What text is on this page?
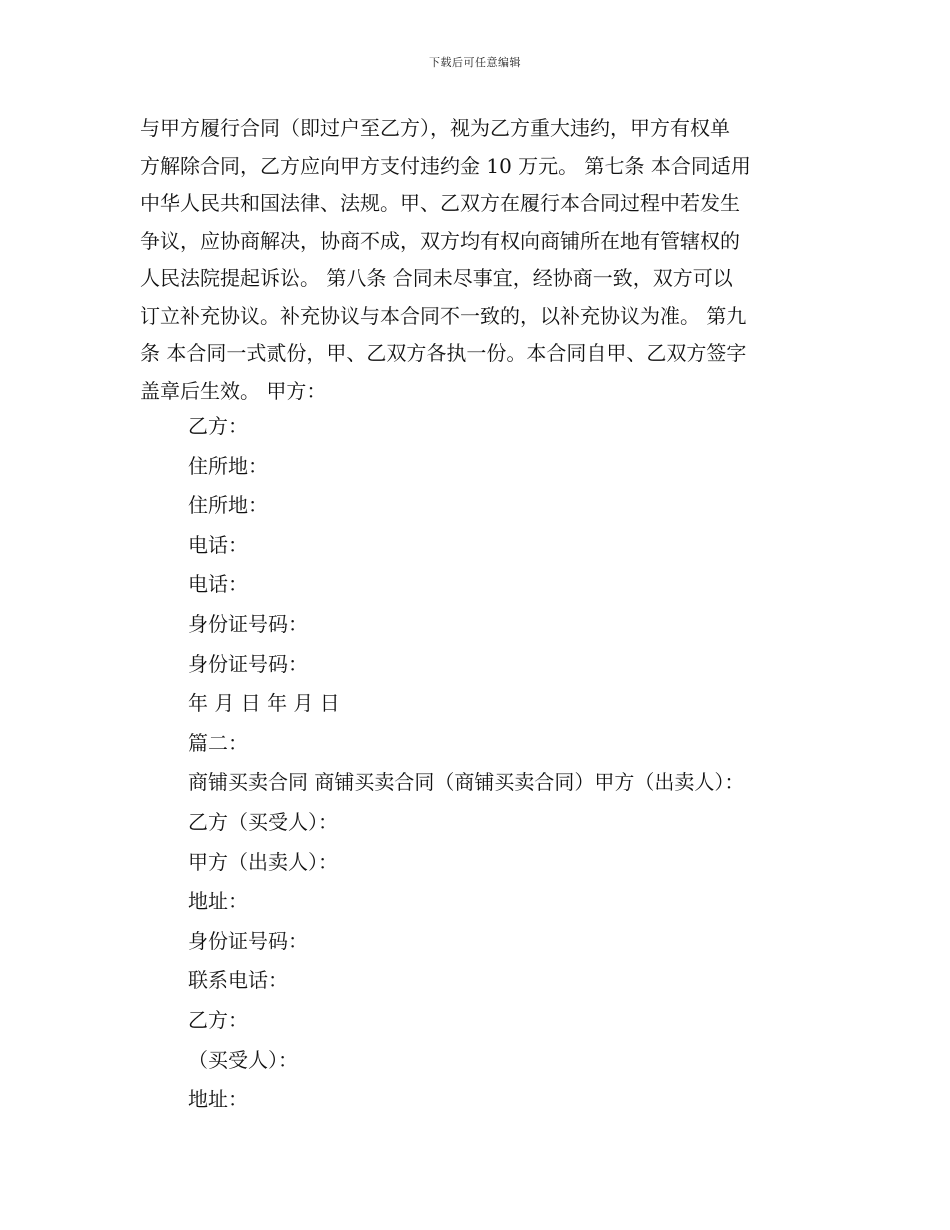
下载后可任意编辑
与甲方履行合同（即过户至乙方），视为乙方重大违约，甲方有权单
方解除合同，乙方应向甲方支付违约金 10 万元。 第七条 本合同适用
中华人民共和国法律、法规。甲、乙双方在履行本合同过程中若发生
争议，应协商解决，协商不成，双方均有权向商铺所在地有管辖权的
人民法院提起诉讼。 第八条 合同未尽事宜，经协商一致，双方可以
订立补充协议。补充协议与本合同不一致的，以补充协议为准。 第九
条 本合同一式贰份，甲、乙双方各执一份。本合同自甲、乙双方签字
盖章后生效。 甲方：
乙方：
住所地：
住所地：
电话：
电话：
身份证号码：
身份证号码：
年 月 日 年 月 日
篇二：
商铺买卖合同 商铺买卖合同（商铺买卖合同）甲方（出卖人）：
乙方（买受人）：
甲方（出卖人）：
地址：
身份证号码：
联系电话：
乙方：
（买受人）：
地址：
